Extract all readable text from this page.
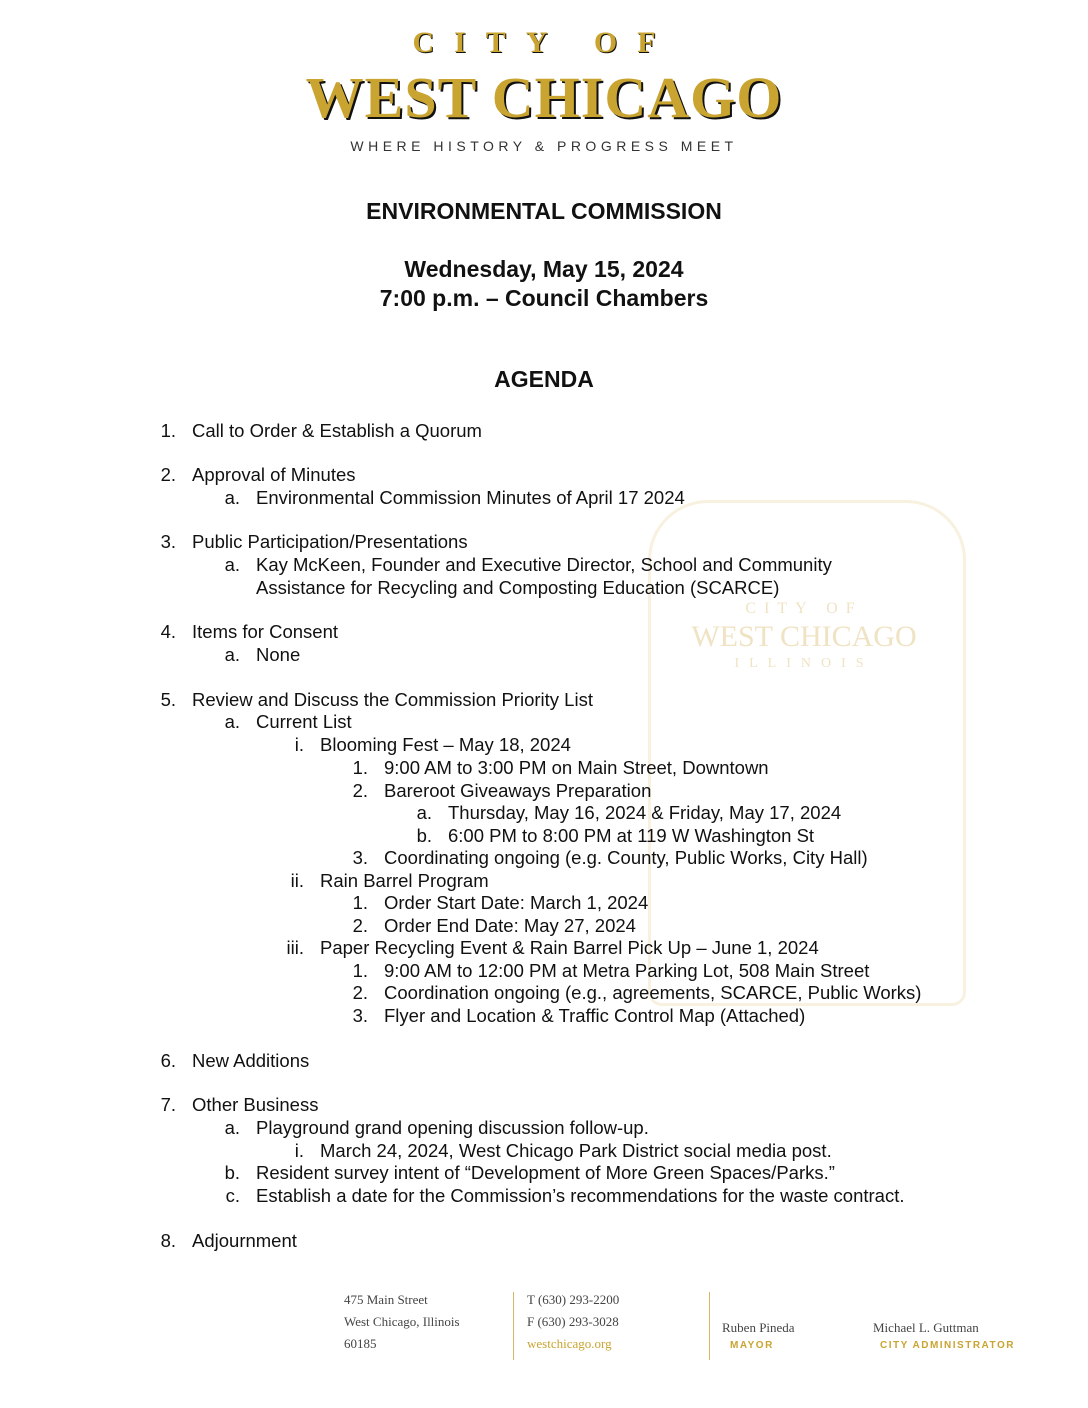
CITY OF
WEST CHICAGO
WHERE HISTORY & PROGRESS MEET
CITY OF
WEST CHICAGO
ILLINOIS
ENVIRONMENTAL COMMISSION
Wednesday, May 15, 2024
7:00 p.m. – Council Chambers
AGENDA
1. Call to Order & Establish a Quorum
2. Approval of Minutes
a. Environmental Commission Minutes of April 17 2024
3. Public Participation/Presentations
a. Kay McKeen, Founder and Executive Director, School and Community
Assistance for Recycling and Composting Education (SCARCE)
4. Items for Consent
a. None
5. Review and Discuss the Commission Priority List
a. Current List
i. Blooming Fest – May 18, 2024
1. 9:00 AM to 3:00 PM on Main Street, Downtown
2. Bareroot Giveaways Preparation
a. Thursday, May 16, 2024 & Friday, May 17, 2024
b. 6:00 PM to 8:00 PM at 119 W Washington St
3. Coordinating ongoing (e.g. County, Public Works, City Hall)
ii. Rain Barrel Program
1. Order Start Date: March 1, 2024
2. Order End Date: May 27, 2024
iii. Paper Recycling Event & Rain Barrel Pick Up – June 1, 2024
1. 9:00 AM to 12:00 PM at Metra Parking Lot, 508 Main Street
2. Coordination ongoing (e.g., agreements, SCARCE, Public Works)
3. Flyer and Location & Traffic Control Map (Attached)
6. New Additions
7. Other Business
a. Playground grand opening discussion follow-up.
i. March 24, 2024, West Chicago Park District social media post.
b. Resident survey intent of “Development of More Green Spaces/Parks.”
c. Establish a date for the Commission’s recommendations for the waste contract.
8. Adjournment
475 Main Street
West Chicago, Illinois
60185
T (630) 293-2200
F (630) 293-3028
westchicago.org
Ruben Pineda
MAYOR
Michael L. Guttman
CITY ADMINISTRATOR
